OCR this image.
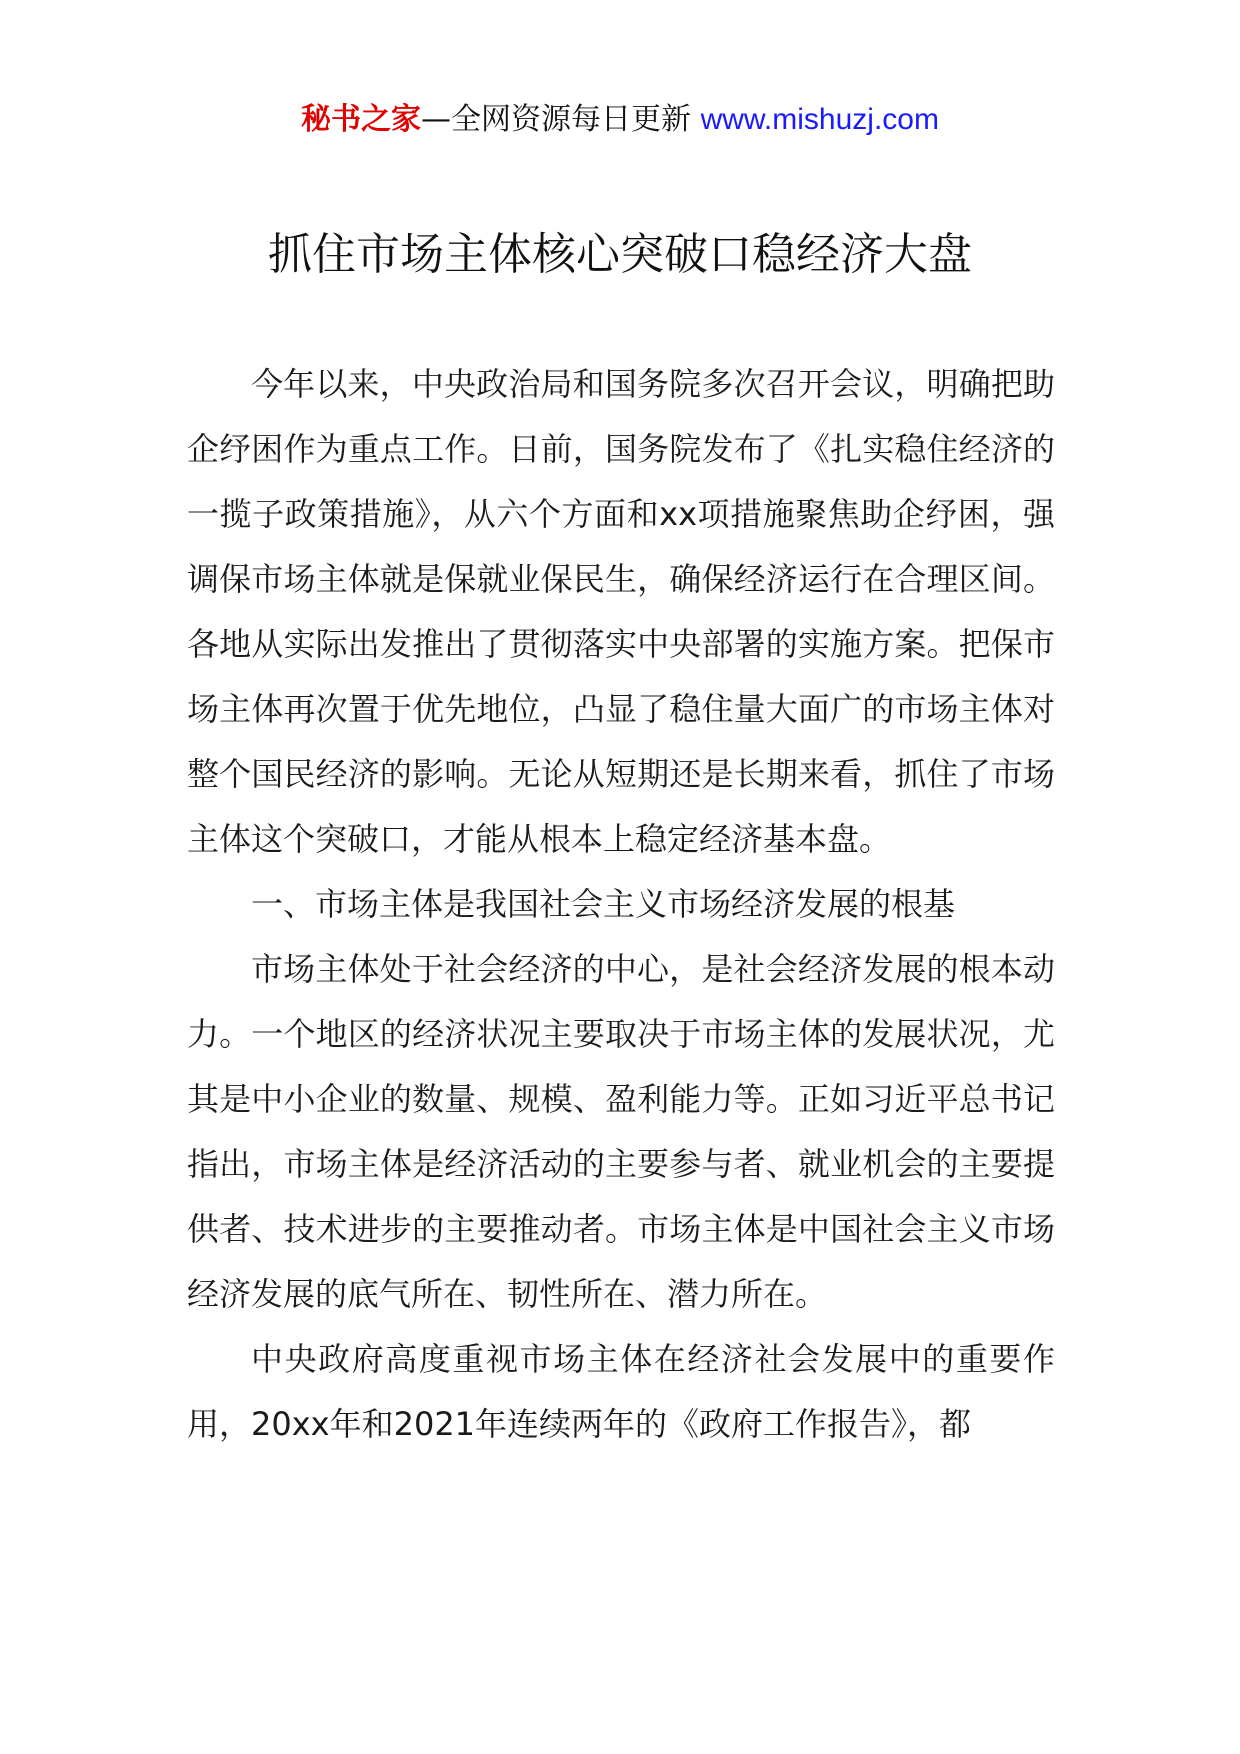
秘书之家—全网资源每日更新 www.mishuzj.com
抓住市场主体核心突破口稳经济大盘

今年以来，中央政治局和国务院多次召开会议，明确把助企纾困作为重点工作。日前，国务院发布了《扎实稳住经济的一揽子政策措施》，从六个方面和xx项措施聚焦助企纾困，强调保市场主体就是保就业保民生，确保经济运行在合理区间。各地从实际出发推出了贯彻落实中央部署的实施方案。把保市场主体再次置于优先地位，凸显了稳住量大面广的市场主体对整个国民经济的影响。无论从短期还是长期来看，抓住了市场主体这个突破口，才能从根本上稳定经济基本盘。

一、市场主体是我国社会主义市场经济发展的根基

市场主体处于社会经济的中心，是社会经济发展的根本动力。一个地区的经济状况主要取决于市场主体的发展状况，尤其是中小企业的数量、规模、盈利能力等。正如习近平总书记指出，市场主体是经济活动的主要参与者、就业机会的主要提供者、技术进步的主要推动者。市场主体是中国社会主义市场经济发展的底气所在、韧性所在、潜力所在。

中央政府高度重视市场主体在经济社会发展中的重要作用，20xx年和2021年连续两年的《政府工作报告》，都
